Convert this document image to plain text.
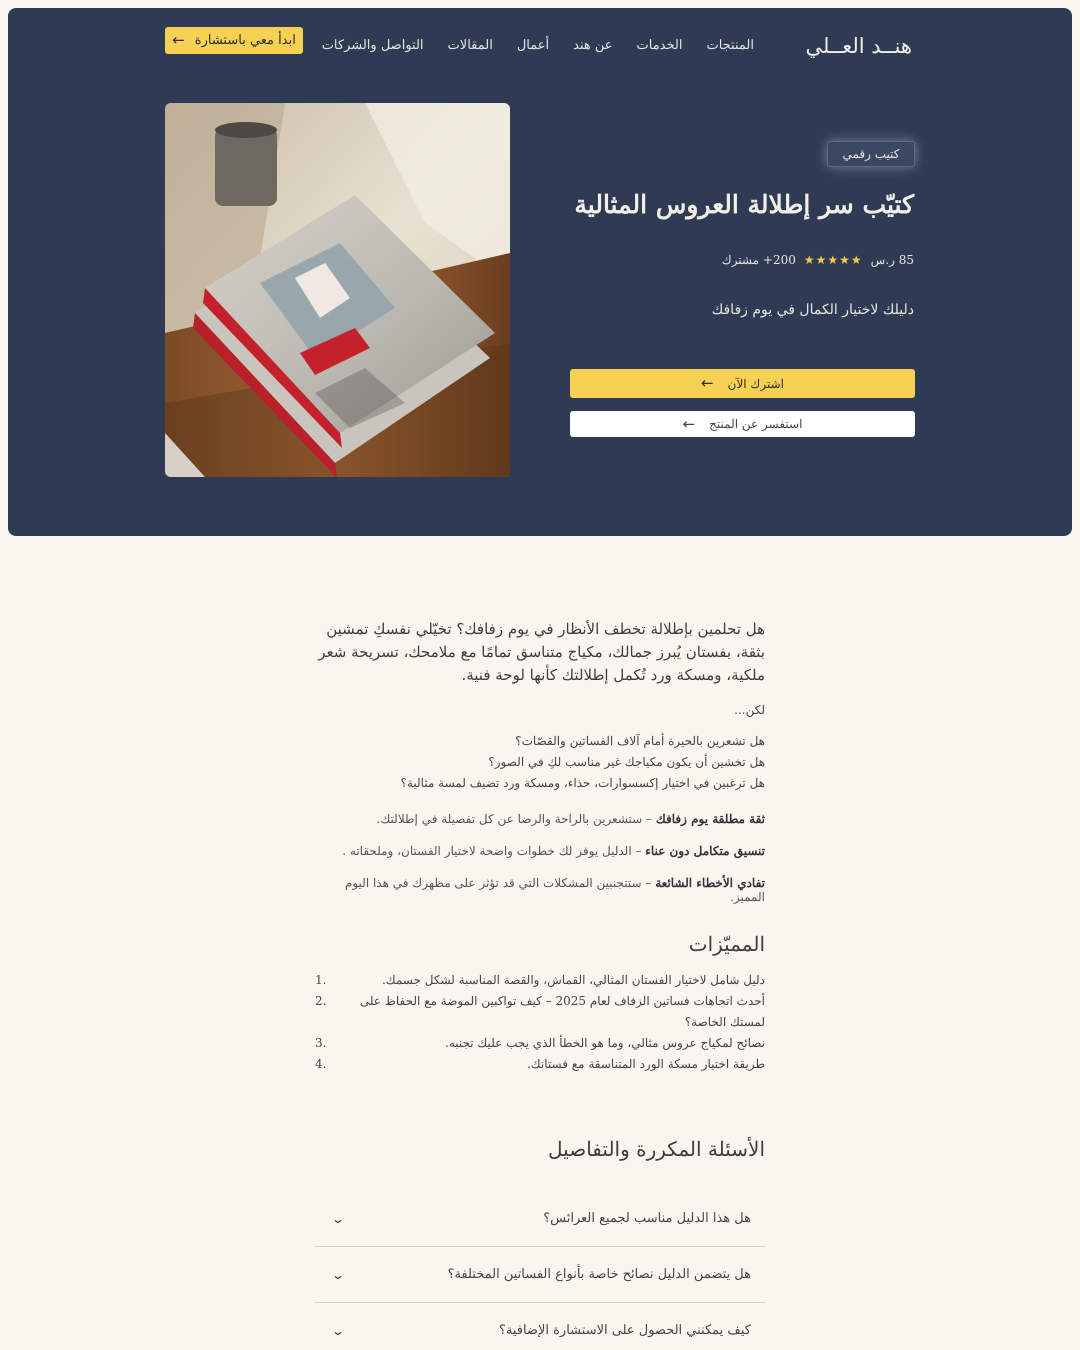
هنــد العــلي
المنتجات
الخدمات
عن هند
أعمال
المقالات
التواصل والشركات
ابدأ معي باستشارة
←
كتيب رقمي
كتيّب سر إطلالة العروس المثالية
85 ر.س
★★★★★
200+ مشترك

دليلك لاختيار الكمال في يوم زفافك

اشترك الآن
←
استفسر عن المنتج
←

هل تحلمين بإطلالة تخطف الأنظار في يوم زفافك؟ تخيّلي نفسكِ تمشين بثقة، بفستان يُبرز جمالك، مكياج متناسق تمامًا مع ملامحك، تسريحة شعر ملكية، ومسكة ورد تُكمل إطلالتك كأنها لوحة فنية.

لكن...

• هل تشعرين بالحيرة أمام آلاف الفساتين والقصّات؟
• هل تخشين أن يكون مكياجك غير مناسب لكِ في الصور؟
• هل ترغبين في اختيار إكسسوارات، حذاء، ومسكة ورد تضيف لمسة مثالية؟

ثقة مطلقة يوم زفافك – ستشعرين بالراحة والرضا عن كل تفصيلة في إطلالتك.

تنسيق متكامل دون عناء – الدليل يوفر لك خطوات واضحة لاختيار الفستان، وملحقاته .

تفادي الأخطاء الشائعة – ستتجنبين المشكلات التي قد تؤثر على مظهرك في هذا اليوم المميز.

المميّزات
دليل شامل لاختيار الفستان المثالي، القماش، والقصة المناسبة لشكل جسمك.
1.
أحدث اتجاهات فساتين الزفاف لعام 2025 – كيف تواكبين الموضة مع الحفاظ على لمستك الخاصة؟
2.
نصائح لمكياج عروس مثالي، وما هو الخطأ الذي يجب عليك تجنبه.
3.
طريقة اختيار مسكة الورد المتناسقة مع فستانك.
4.
الأسئلة المكررة والتفاصيل
هل هذا الدليل مناسب لجميع العرائس؟
⌄
هل يتضمن الدليل نصائح خاصة بأنواع الفساتين المختلفة؟
⌄
كيف يمكنني الحصول على الاستشارة الإضافية؟
⌄
